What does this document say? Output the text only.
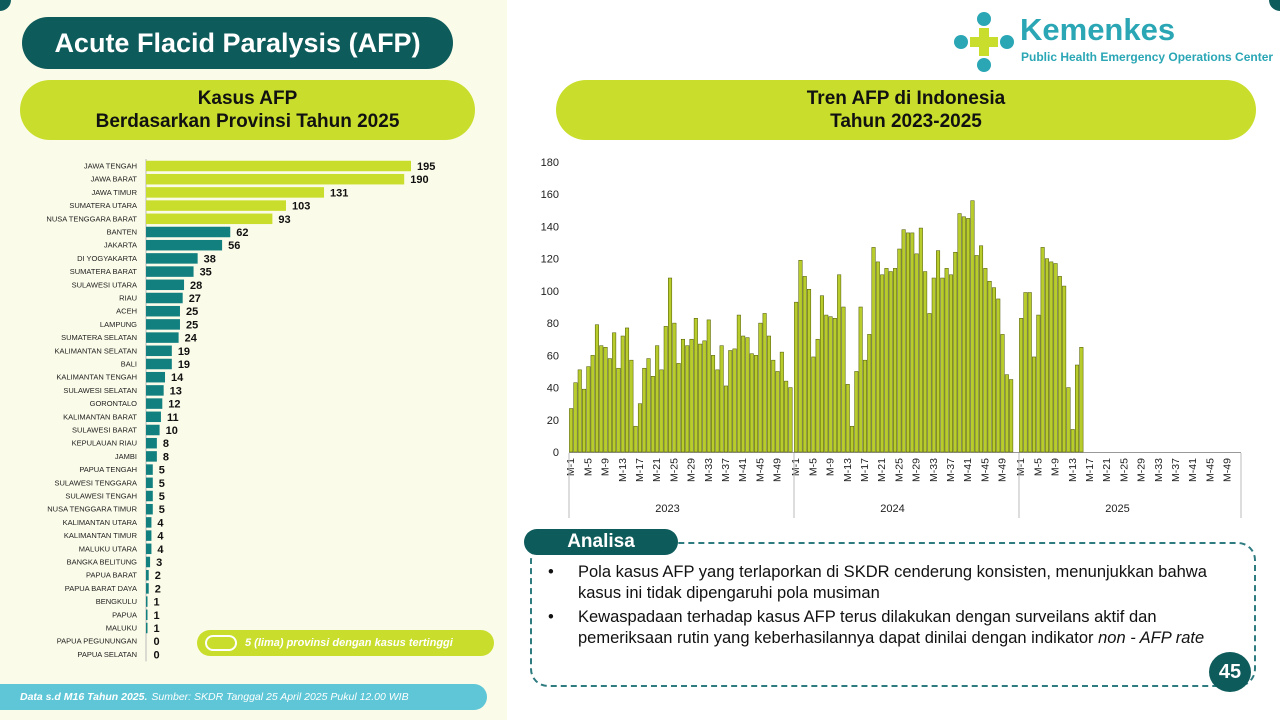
Acute Flacid Paralysis (AFP)	Kemenkes
Public Health Emergency Operations Center
Kasus AFP
Berdasarkan Provinsi Tahun 2025
Tren AFP di Indonesia
Tahun 2023-2025
JAWA TENGAH	195
JAWA BARAT	190
JAWA TIMUR	131
SUMATERA UTARA	103
NUSA TENGGARA BARAT	93
BANTEN	62
JAKARTA	56
DI YOGYAKARTA	38
SUMATERA BARAT	35
SULAWESI UTARA	28
RIAU	27
ACEH	25
LAMPUNG	25
SUMATERA SELATAN	24
KALIMANTAN SELATAN	19
BALI	19
KALIMANTAN TENGAH	14
SULAWESI SELATAN	13
GORONTALO	12
KALIMANTAN BARAT	11
SULAWESI BARAT	10
KEPULAUAN RIAU 8
JAMBI 8
PAPUA TENGAH 5
SULAWESI TENGGARA 5
SULAWESI TENGAH 5
NUSA TENGGARA TIMUR 5
KALIMANTAN UTARA 4
KALIMANTAN TIMUR 4
MALUKU UTARA 4
BANGKA BELITUNG 3
PAPUA BARAT 2
PAPUA BARAT DAYA 2
BENGKULU 1
PAPUA 1
MALUKU 1
PAPUA PEGUNUNGAN 0
PAPUA SELATAN 0
0
20
40
60
80
100
120
140
160
180
M-1 M-5 M-9 M-13 M-17 M-21 M-25 M-29 M-33 M-37 M-41 M-45 M-49
2023
M-1 M-5 M-9 M-13 M-17 M-21 M-25 M-29 M-33 M-37 M-41 M-45 M-49
2024
M-1 M-5 M-9 M-13 M-17 M-21 M-25 M-29 M-33 M-37 M-41 M-45 M-49
2025
5 (lima) provinsi dengan kasus tertinggi
Data s.d M16 Tahun 2025. Sumber: SKDR Tanggal 25 April 2025 Pukul 12.00 WIB
Analisa
• Pola kasus AFP yang terlaporkan di SKDR cenderung konsisten, menunjukkan bahwa kasus ini tidak dipengaruhi pola musiman
• Kewaspadaan terhadap kasus AFP terus dilakukan dengan surveilans aktif dan pemeriksaan rutin yang keberhasilannya dapat dinilai dengan indikator non - AFP rate
45
